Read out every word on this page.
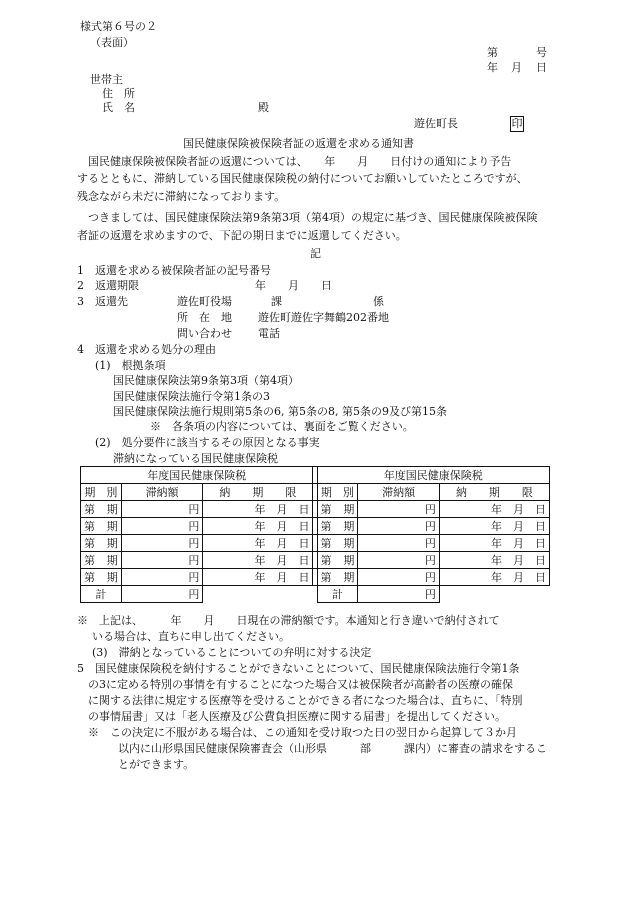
様式第６号の２
（表面）
第	号
年 月 日
世帯主
住　所
氏　名	殿
遊佐町長	印
国民健康保険被保険者証の返還を求める通知書
国民健康保険被保険者証の返還については、　　年　　月　　日付けの通知により予告
するとともに、滞納している国民健康保険税の納付についてお願いしていたところですが、
残念ながら未だに滞納になっております。
つきましては、国民健康保険法第9条第3項（第4項）の規定に基づき、国民健康保険被保険
者証の返還を求めますので、下記の期日までに返還してください。
記
1　返還を求める被保険者証の記号番号
2　返還期限	年　　月　　日
3　返還先	遊佐町役場	課	係
所　在　地 遊佐町遊佐字舞鶴202番地
問い合わせ 電話
4　返還を求める処分の理由
(1)　根拠条項
国民健康保険法第9条第3項（第4項）
国民健康保険法施行令第1条の3
国民健康保険法施行規則第5条の6, 第5条の8, 第5条の9及び第15条
※　各条項の内容については、裏面をご覧ください。
(2)　処分要件に該当するその原因となる事実
滞納になっている国民健康保険税
年度国民健康保険税				年度国民健康保険税		
期　別	滞納額	納　　期　　限		期　別	滞納額	納　　期　　限
第 期	円	年　月　日		第 期	円	年　月　日
第 期	円	年　月　日		第 期	円	年　月　日
第 期	円	年　月　日		第 期	円	年　月　日
第 期	円	年　月　日		第 期	円	年　月　日
第 期	円	年　月　日		第 期	円	年　月　日
計	円			計	円	
※　上記は、　　　年　　月　　日現在の滞納額です。本通知と行き違いで納付されて
いる場合は、直ちに申し出てください。
(3)　滞納となっていることについての弁明に対する決定
5　国民健康保険税を納付することができないことについて、国民健康保険法施行令第1条
の3に定める特別の事情を有することになつた場合又は被保険者が高齢者の医療の確保
に関する法律に規定する医療等を受けることができる者になつた場合は、直ちに、「特別
の事情届書」又は「老人医療及び公費負担医療に関する届書」を提出してください。
※　この決定に不服がある場合は、この通知を受け取つた日の翌日から起算して３か月
以内に山形県国民健康保険審査会（山形県　　　部　　　課内）に審査の請求をするこ
とができます。
